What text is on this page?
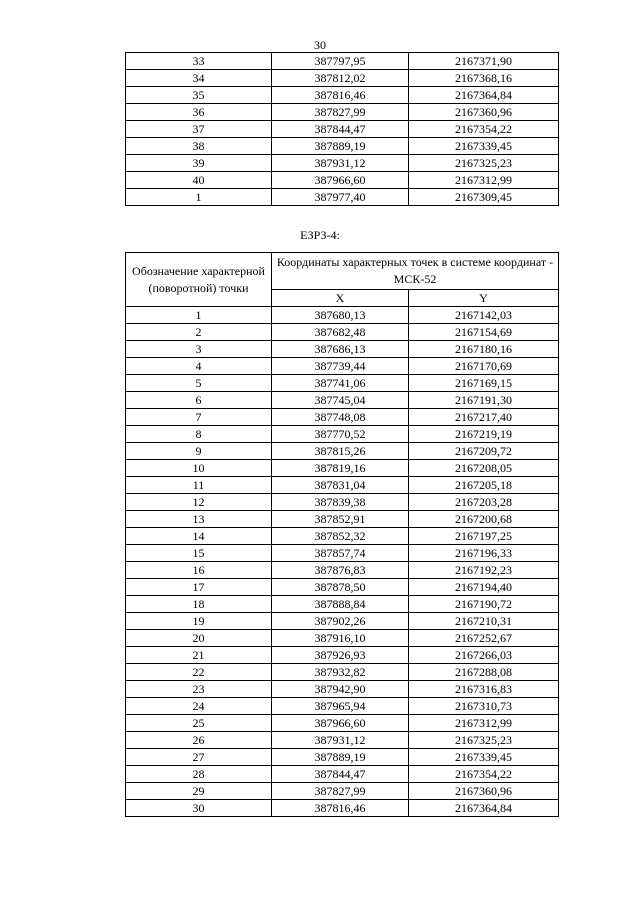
30
33	387797,95	2167371,90
34	387812,02	2167368,16
35	387816,46	2167364,84
36	387827,99	2167360,96
37	387844,47	2167354,22
38	387889,19	2167339,45
39	387931,12	2167325,23
40	387966,60	2167312,99
1	387977,40	2167309,45
ЕЗРЗ-4:
Обозначение характерной (поворотной) точки	Координаты характерных точек в системе координат - МСК-52	
	X	Y
1	387680,13	2167142,03
2	387682,48	2167154,69
3	387686,13	2167180,16
4	387739,44	2167170,69
5	387741,06	2167169,15
6	387745,04	2167191,30
7	387748,08	2167217,40
8	387770,52	2167219,19
9	387815,26	2167209,72
10	387819,16	2167208,05
11	387831,04	2167205,18
12	387839,38	2167203,28
13	387852,91	2167200,68
14	387852,32	2167197,25
15	387857,74	2167196,33
16	387876,83	2167192,23
17	387878,50	2167194,40
18	387888,84	2167190,72
19	387902,26	2167210,31
20	387916,10	2167252,67
21	387926,93	2167266,03
22	387932,82	2167288,08
23	387942,90	2167316,83
24	387965,94	2167310,73
25	387966,60	2167312,99
26	387931,12	2167325,23
27	387889,19	2167339,45
28	387844,47	2167354,22
29	387827,99	2167360,96
30	387816,46	2167364,84
